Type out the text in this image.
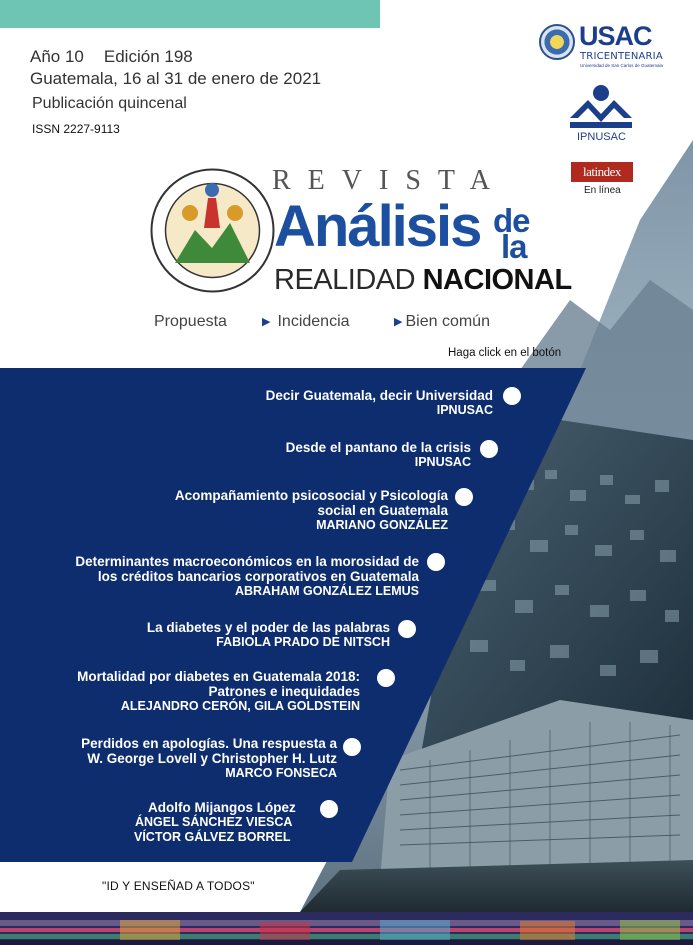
Año 10 Edición 198
Guatemala, 16 al 31 de enero de 2021
Publicación quincenal
ISSN 2227-9113
USAC
TRICENTENARIA
Universidad de San Carlos de Guatemala
IPNUSAC
latindex
En línea
REVISTA
Análisis de
la
REALIDAD NACIONAL
Propuesta	▶ Incidencia	▶ Bien común
Haga click en el botón
Decir Guatemala, decir Universidad
IPNUSAC
Desde el pantano de la crisis
IPNUSAC
Acompañamiento psicosocial y Psicología
social en Guatemala
MARIANO GONZÁLEZ
Determinantes macroeconómicos en la morosidad de
los créditos bancarios corporativos en Guatemala
ABRAHAM GONZÁLEZ LEMUS
La diabetes y el poder de las palabras
FABIOLA PRADO DE NITSCH
Mortalidad por diabetes en Guatemala 2018:
Patrones e inequidades
ALEJANDRO CERÓN, GILA GOLDSTEIN
Perdidos en apologías. Una respuesta a
W. George Lovell y Christopher H. Lutz
MARCO FONSECA
Adolfo Mijangos López
ÁNGEL SÁNCHEZ VIESCA
VÍCTOR GÁLVEZ BORREL
"ID Y ENSEÑAD A TODOS"
